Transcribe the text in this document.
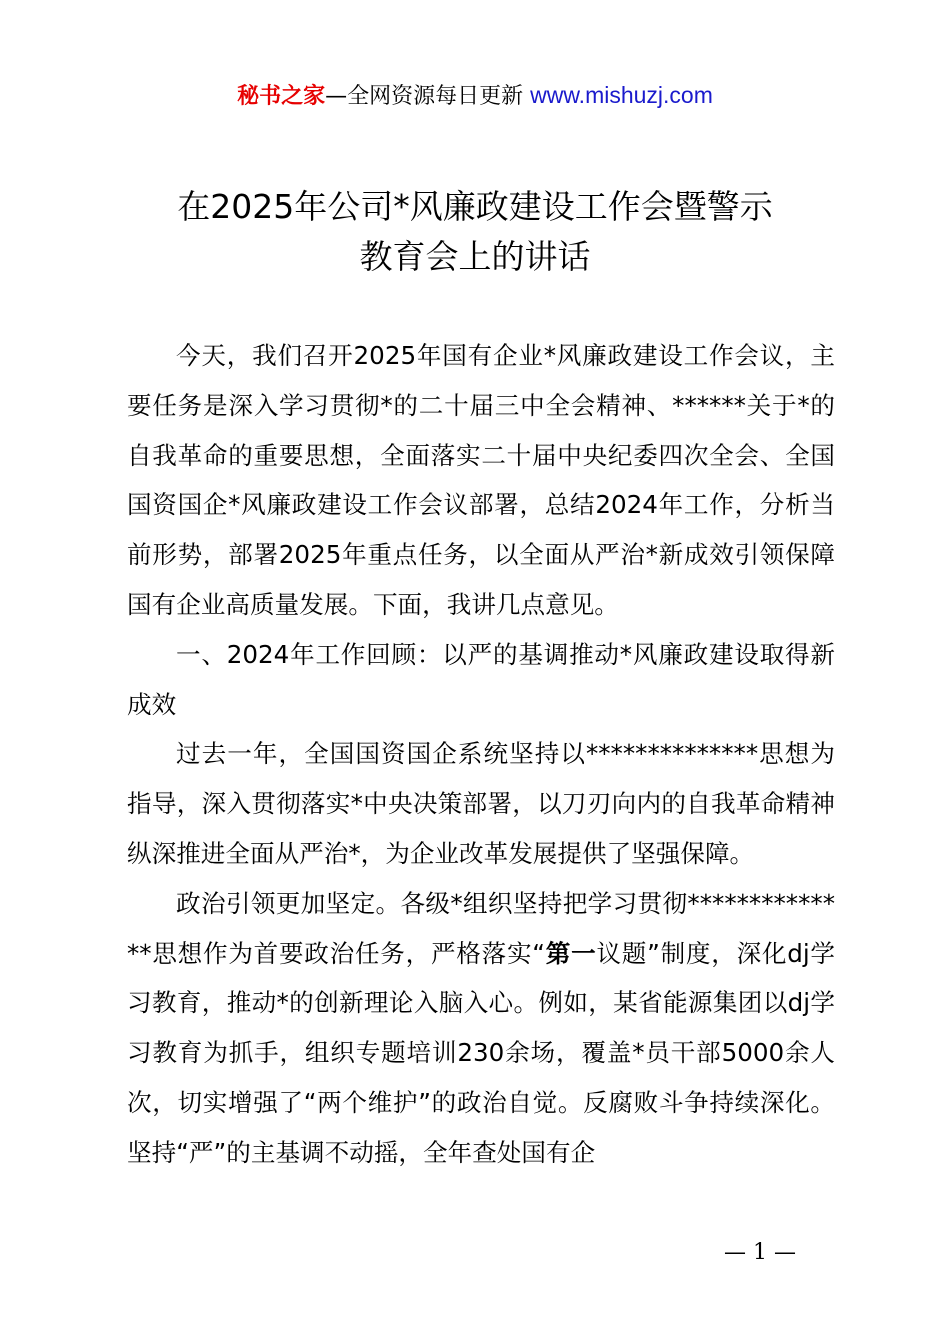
秘书之家—全网资源每日更新 www.mishuzj.com
在2025年公司*风廉政建设工作会暨警示
教育会上的讲话

今天，我们召开2025年国有企业*风廉政建设工作会议，主要任务是深入学习贯彻*的二十届三中全会精神、******关于*的自我革命的重要思想，全面落实二十届中央纪委四次全会、全国国资国企*风廉政建设工作会议部署，总结2024年工作，分析当前形势，部署2025年重点任务，以全面从严治*新成效引领保障国有企业高质量发展。下面，我讲几点意见。

一、2024年工作回顾：以严的基调推动*风廉政建设取得新成效

过去一年，全国国资国企系统坚持以**************思想为指导，深入贯彻落实*中央决策部署，以刀刃向内的自我革命精神纵深推进全面从严治*，为企业改革发展提供了坚强保障。

政治引领更加坚定。各级*组织坚持把学习贯彻**************思想作为首要政治任务，严格落实“第一议题”制度，深化dj学习教育，推动*的创新理论入脑入心。例如，某省能源集团以dj学习教育为抓手，组织专题培训230余场，覆盖*员干部5000余人次，切实增强了“两个维护”的政治自觉。反腐败斗争持续深化。坚持“严”的主基调不动摇，全年查处国有企

— 1 —
